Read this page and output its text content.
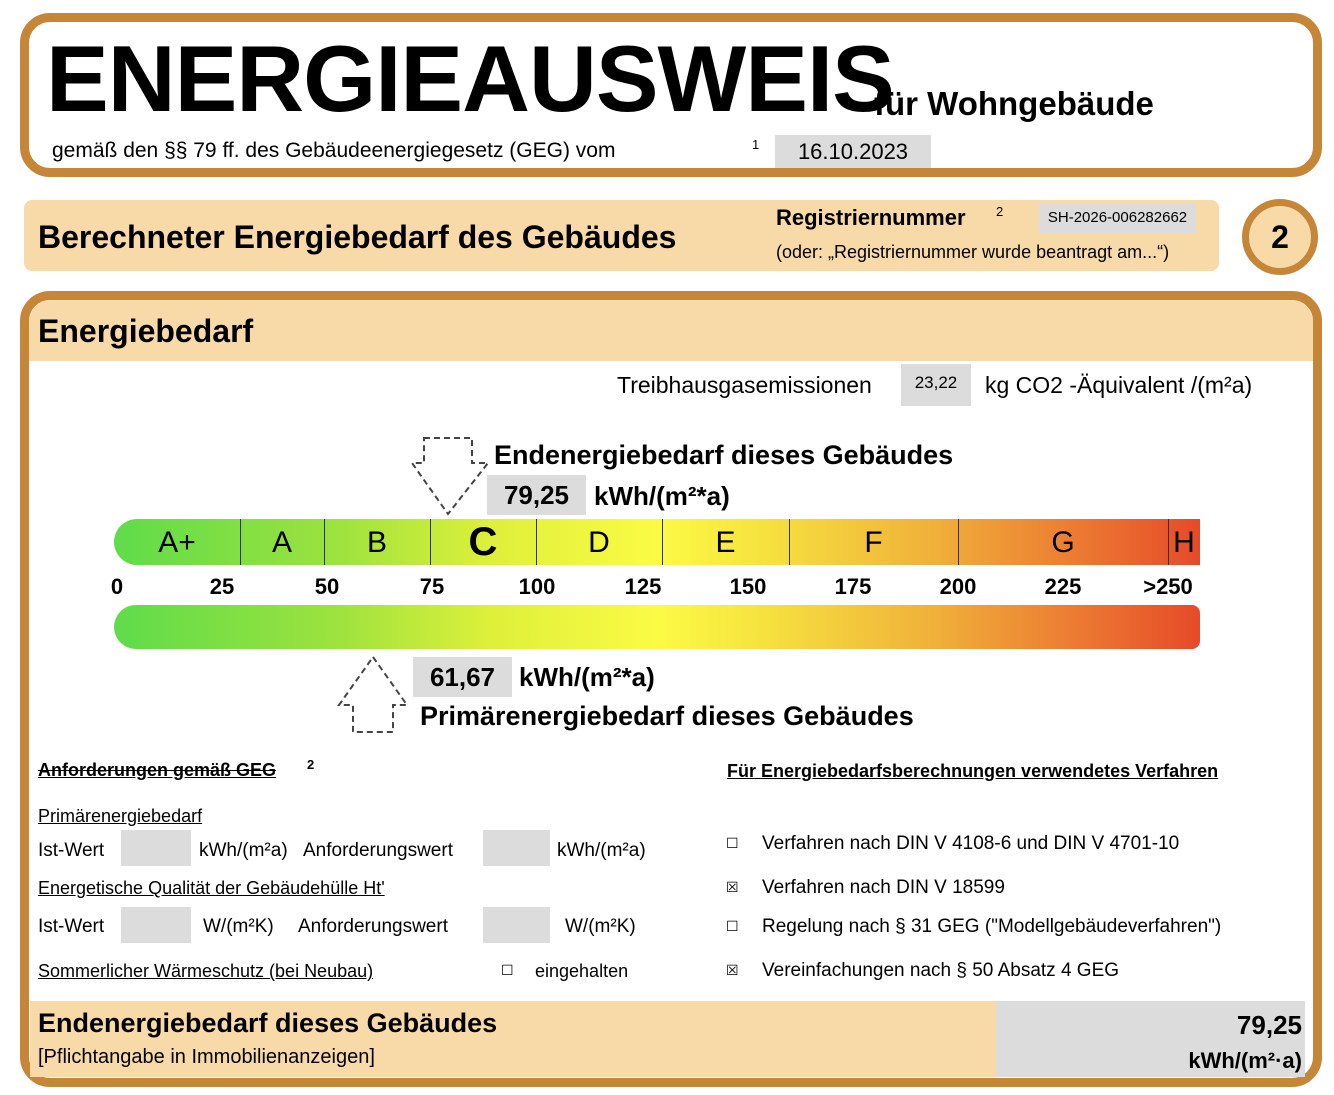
ENERGIEAUSWEIS
für Wohngebäude
gemäß den §§ 79 ff. des Gebäudeenergiegesetz (GEG) vom	1	16.10.2023
Berechneter Energiebedarf des Gebäudes
Registriernummer 2	SH-2026-006282662
(oder: „Registriernummer wurde beantragt am...“)	2
Energiebedarf
Treibhausgasemissionen	23,22	kg CO2 -Äquivalent /(m²a)
Endenergiebedarf dieses Gebäudes
79,25 kWh/(m²*a)
A+	A	B	C	D	E	F	G	H
0	25	50	75	100	125	150	175	200	225	>250
61,67 kWh/(m²*a)
Primärenergiebedarf dieses Gebäudes
Anforderungen gemäß GEG 2
Primärenergiebedarf
Ist-Wert	kWh/(m²a) Anforderungswert	kWh/(m²a)
Energetische Qualität der Gebäudehülle Ht'
Ist-Wert	W/(m²K) Anforderungswert	W/(m²K)
Sommerlicher Wärmeschutz (bei Neubau)	☐ eingehalten
Für Energiebedarfsberechnungen verwendetes Verfahren
☐ Verfahren nach DIN V 4108-6 und DIN V 4701-10
☒ Verfahren nach DIN V 18599
☐ Regelung nach § 31 GEG ("Modellgebäudeverfahren")
☒ Vereinfachungen nach § 50 Absatz 4 GEG
Endenergiebedarf dieses Gebäudes
[Pflichtangabe in Immobilienanzeigen]
79,25
kWh/(m²·a)
